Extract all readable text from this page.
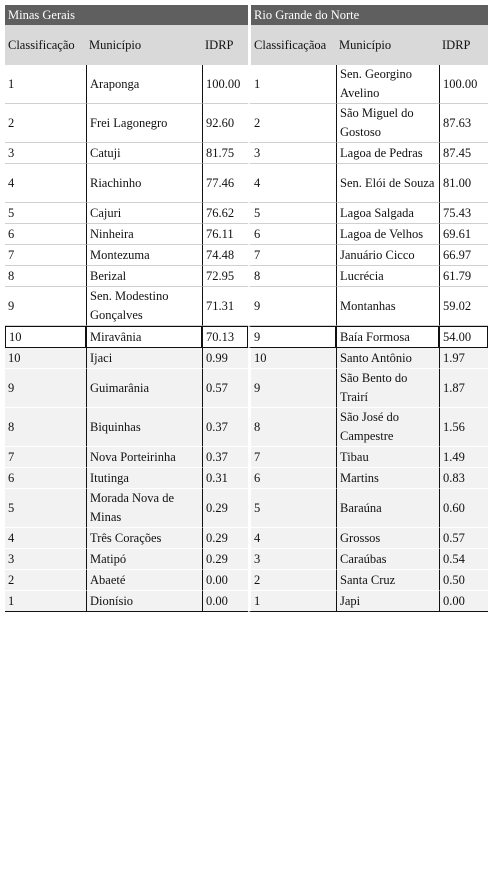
Minas Gerais			Rio Grande do Norte		
Classificação	Município	IDRP	Classificaçãoa	Município	IDRP
1	Araponga	100.00	1	Sen. Georgino Avelino	100.00
2	Frei Lagonegro	92.60	2	São Miguel do Gostoso	87.63
3	Catuji	81.75	3	Lagoa de Pedras	87.45
4	Riachinho	77.46	4	Sen. Elói de Souza	81.00
5	Cajuri	76.62	5	Lagoa Salgada	75.43
6	Ninheira	76.11	6	Lagoa de Velhos	69.61
7	Montezuma	74.48	7	Januário Cicco	66.97
8	Berizal	72.95	8	Lucrécia	61.79
9	Sen. Modestino Gonçalves	71.31	9	Montanhas	59.02
10	Miravânia	70.13	9	Baía Formosa	54.00
10	Ijaci	0.99	10	Santo Antônio	1.97
9	Guimarânia	0.57	9	São Bento do Trairí	1.87
8	Biquinhas	0.37	8	São José do Campestre	1.56
7	Nova Porteirinha	0.37	7	Tibau	1.49
6	Itutinga	0.31	6	Martins	0.83
5	Morada Nova de Minas	0.29	5	Baraúna	0.60
4	Três Corações	0.29	4	Grossos	0.57
3	Matipó	0.29	3	Caraúbas	0.54
2	Abaeté	0.00	2	Santa Cruz	0.50
1	Dionísio	0.00	1	Japi	0.00
